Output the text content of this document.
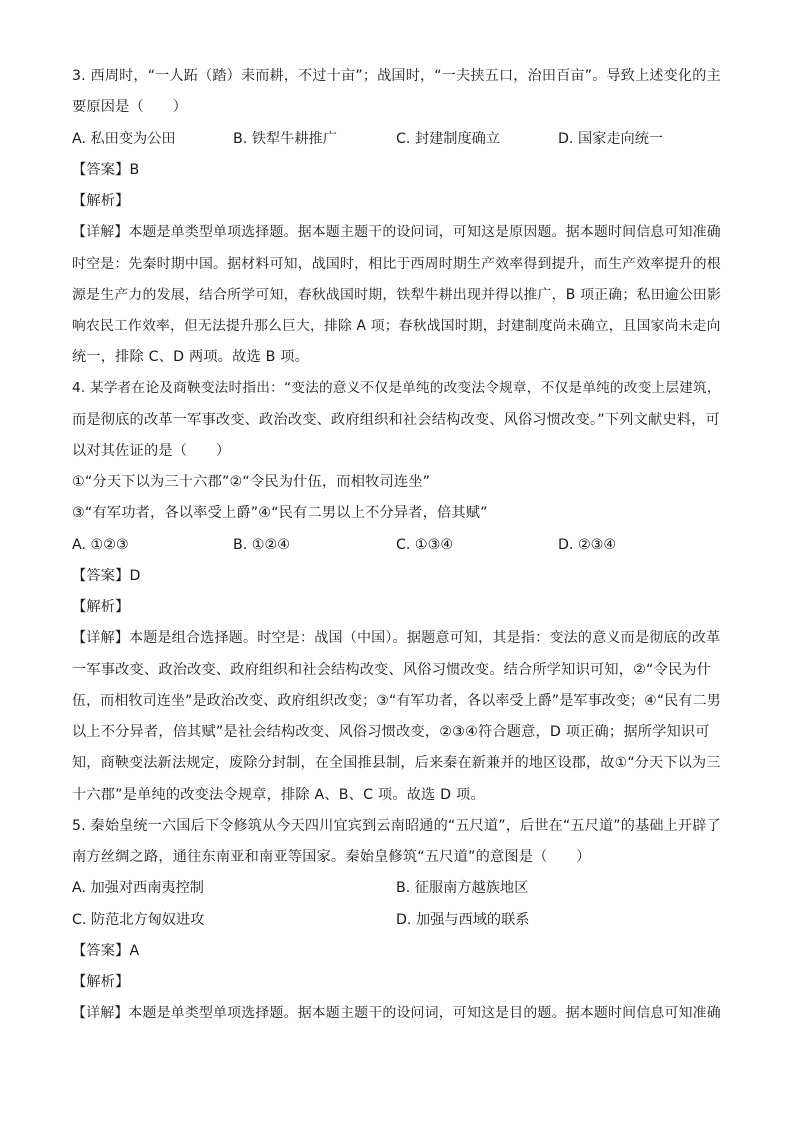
3. 西周时，“一人跖（踏）耒而耕，不过十亩”；战国时，“一夫挟五口，治田百亩”。导致上述变化的主
要原因是（　　）
A. 私田变为公田	B. 铁犁牛耕推广	C. 封建制度确立	D. 国家走向统一
【答案】B
【解析】
【详解】本题是单类型单项选择题。据本题主题干的设问词，可知这是原因题。据本题时间信息可知准确
时空是：先秦时期中国。据材料可知，战国时，相比于西周时期生产效率得到提升，而生产效率提升的根
源是生产力的发展，结合所学可知，春秋战国时期，铁犁牛耕出现并得以推广，B 项正确；私田逾公田影
响农民工作效率，但无法提升那么巨大，排除 A 项；春秋战国时期，封建制度尚未确立，且国家尚未走向
统一，排除 C、D 两项。故选 B 项。
4. 某学者在论及商鞅变法时指出：“变法的意义不仅是单纯的改变法令规章，不仅是单纯的改变上层建筑，
而是彻底的改革一军事改变、政治改变、政府组织和社会结构改变、风俗习惯改变。”下列文献史料，可
以对其佐证的是（　　）
①“分天下以为三十六郡”②“令民为什伍，而相牧司连坐”
③“有军功者，各以率受上爵”④“民有二男以上不分异者，倍其赋”
A. ①②③	B. ①②④	C. ①③④	D. ②③④
【答案】D
【解析】
【详解】本题是组合选择题。时空是：战国（中国）。据题意可知，其是指：变法的意义而是彻底的改革
一军事改变、政治改变、政府组织和社会结构改变、风俗习惯改变。结合所学知识可知，②“令民为什
伍，而相牧司连坐”是政治改变、政府组织改变；③“有军功者，各以率受上爵”是军事改变；④“民有二男
以上不分异者，倍其赋”是社会结构改变、风俗习惯改变，②③④符合题意，D 项正确；据所学知识可
知，商鞅变法新法规定，废除分封制，在全国推县制，后来秦在新兼并的地区设郡，故①“分天下以为三
十六郡”是单纯的改变法令规章，排除 A、B、C 项。故选 D 项。
5. 秦始皇统一六国后下令修筑从今天四川宜宾到云南昭通的“五尺道”，后世在“五尺道”的基础上开辟了
南方丝绸之路，通往东南亚和南亚等国家。秦始皇修筑“五尺道”的意图是（　　）
A. 加强对西南夷控制	B. 征服南方越族地区
C. 防范北方匈奴进攻	D. 加强与西域的联系
【答案】A
【解析】
【详解】本题是单类型单项选择题。据本题主题干的设问词，可知这是目的题。据本题时间信息可知准确
